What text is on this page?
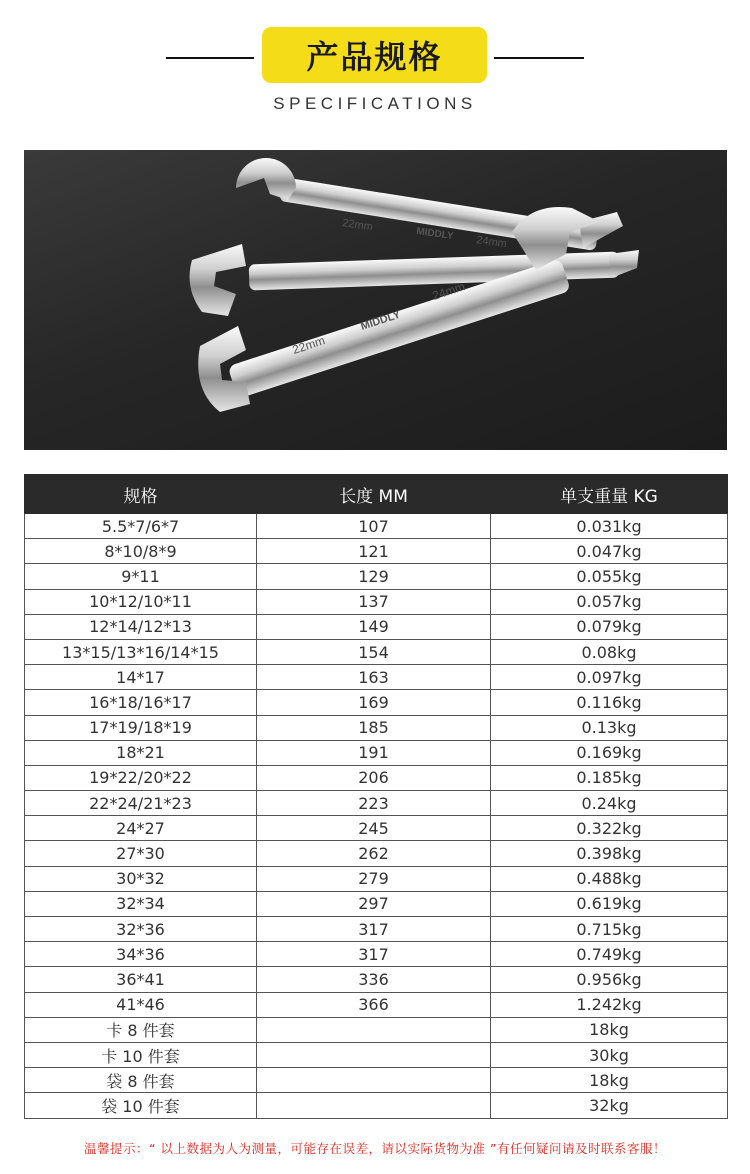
产品规格
SPECIFICATIONS
22mm
MIDDLY 24mm
22mm
MIDDLY
24mm
规格	长度 MM	单支重量 KG
5.5*7/6*7	107	0.031kg
8*10/8*9	121	0.047kg
9*11	129	0.055kg
10*12/10*11	137	0.057kg
12*14/12*13	149	0.079kg
13*15/13*16/14*15	154	0.08kg
14*17	163	0.097kg
16*18/16*17	169	0.116kg
17*19/18*19	185	0.13kg
18*21	191	0.169kg
19*22/20*22	206	0.185kg
22*24/21*23	223	0.24kg
24*27	245	0.322kg
27*30	262	0.398kg
30*32	279	0.488kg
32*34	297	0.619kg
32*36	317	0.715kg
34*36	317	0.749kg
36*41	336	0.956kg
41*46	366	1.242kg
卡 8 件套		18kg
卡 10 件套		30kg
袋 8 件套		18kg
袋 10 件套		32kg
温馨提示：“ 以上数据为人为测量，可能存在误差，请以实际货物为准 ”有任何疑问请及时联系客服！
